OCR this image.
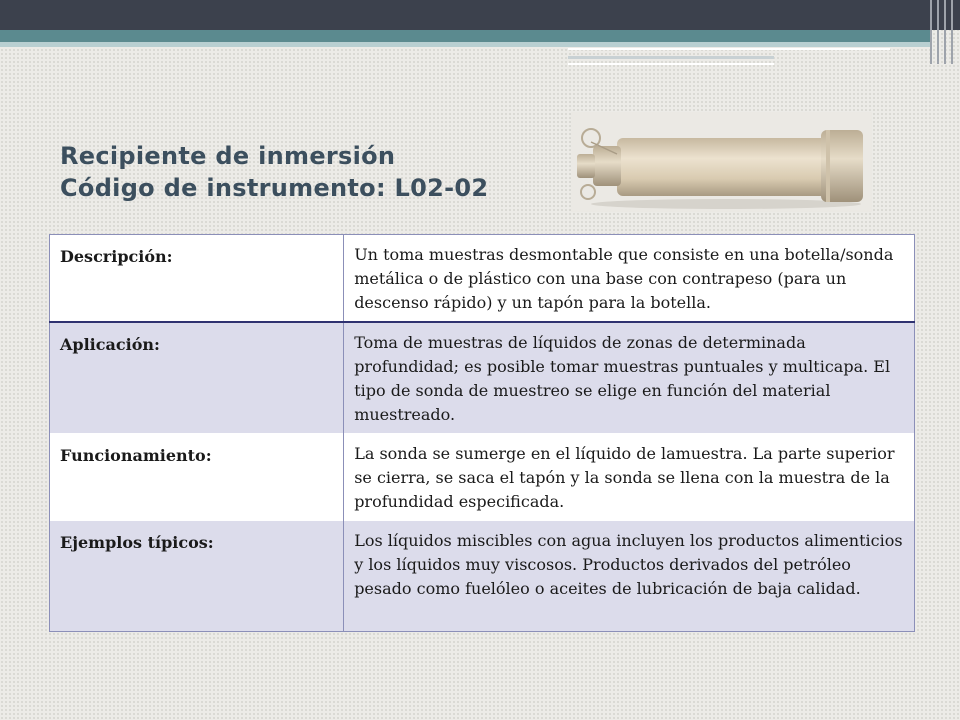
Recipiente de inmersión
Código de instrumento: L02-02
Descripción:	Un toma muestras desmontable que consiste en una botella/sonda metálica o de plástico con una base con contrapeso (para un descenso rápido) y un tapón para la botella.
Aplicación:	Toma de muestras de líquidos de zonas de determinada profundidad; es posible tomar muestras puntuales y multicapa. El tipo de sonda de muestreo se elige en función del material muestreado.
Funcionamiento:	La sonda se sumerge en el líquido de lamuestra. La parte superior se cierra, se saca el tapón y la sonda se llena con la muestra de la profundidad especificada.
Ejemplos típicos:	Los líquidos miscibles con agua incluyen los productos alimenticios y los líquidos muy viscosos. Productos derivados del petróleo pesado como fuelóleo o aceites de lubricación de baja calidad.
